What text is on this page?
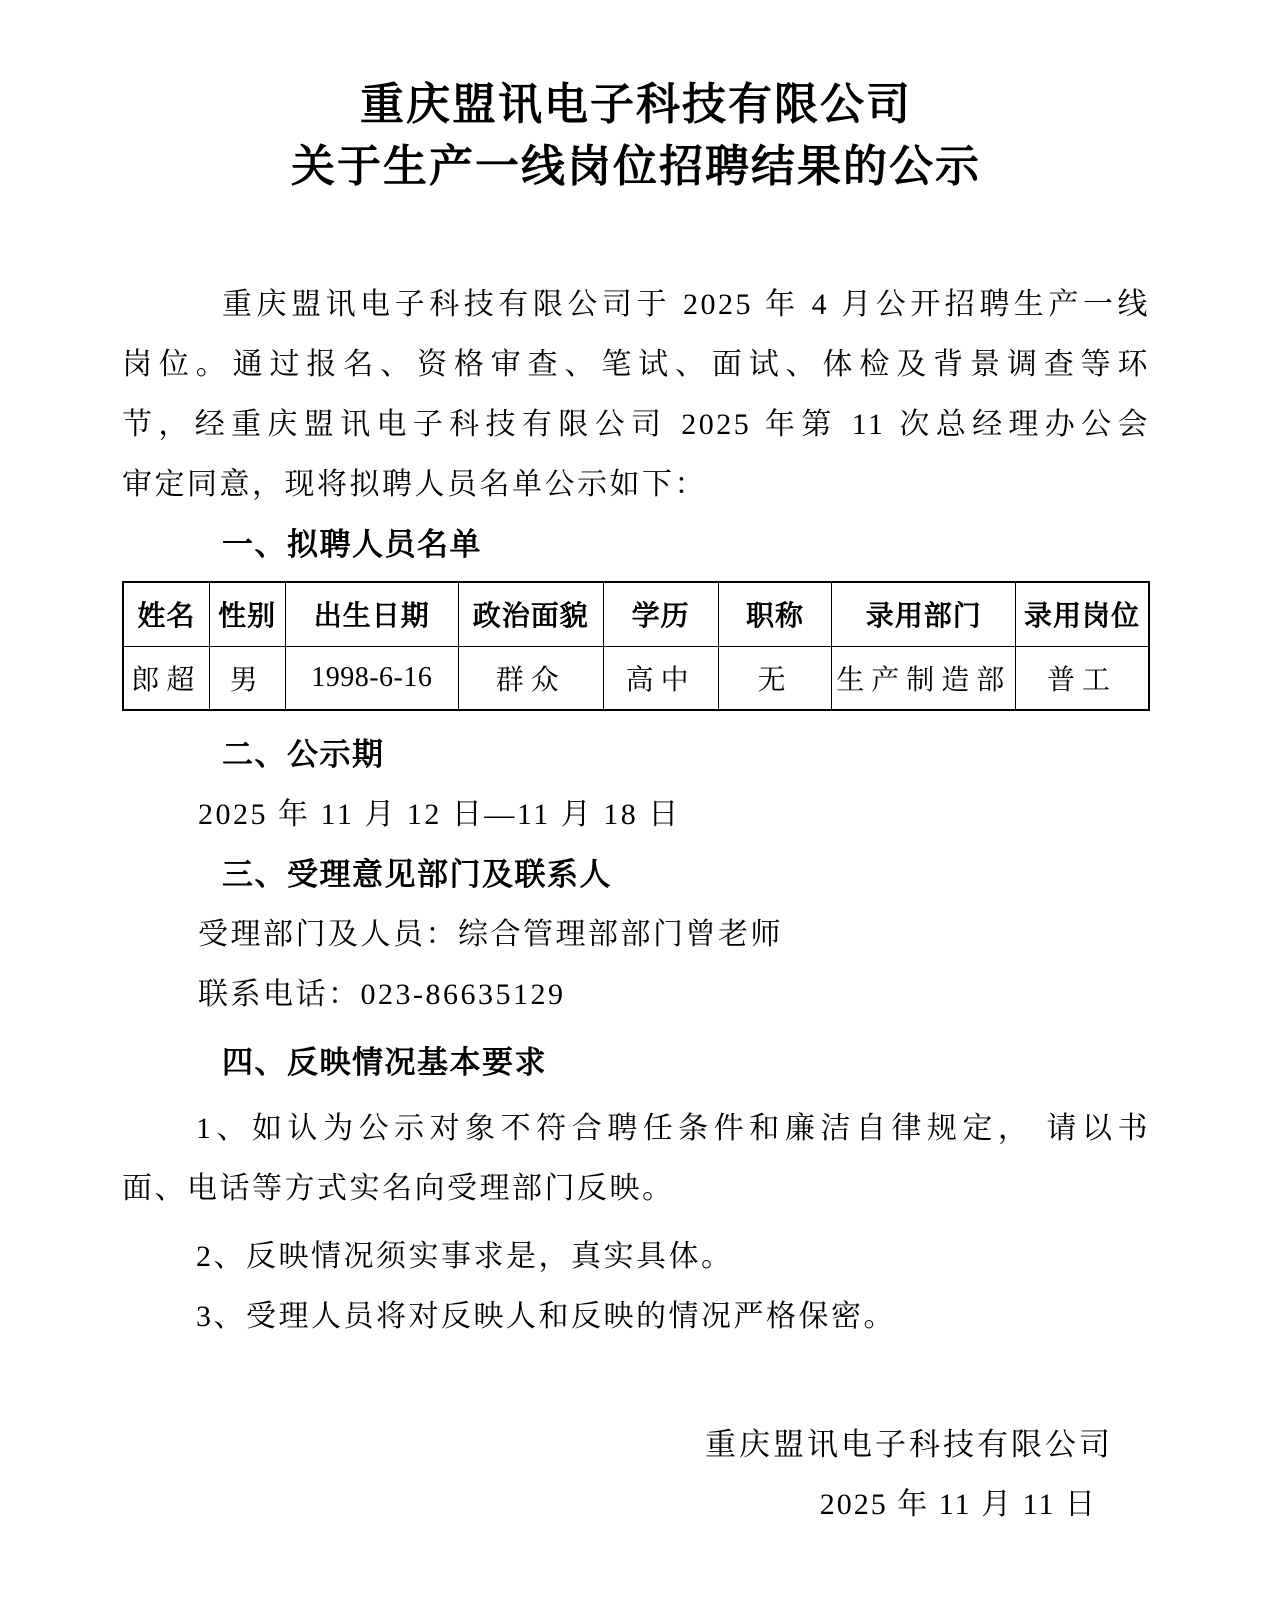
重庆盟讯电子科技有限公司
关于生产一线岗位招聘结果的公示
重庆盟讯电子科技有限公司于 2025 年 4 月公开招聘生产一线
岗位。通过报名、资格审查、笔试、面试、体检及背景调查等环
节，经重庆盟讯电子科技有限公司 2025 年第 11 次总经理办公会
审定同意，现将拟聘人员名单公示如下：
一、拟聘人员名单
姓名	性别	出生日期	政治面貌	学历	职称	录用部门	录用岗位
郎超	男	1998-6-16	群众	高中	无	生产制造部	普工
二、公示期
2025 年 11 月 12 日—11 月 18 日
三、受理意见部门及联系人
受理部门及人员：综合管理部部门曾老师
联系电话：023-86635129
四、反映情况基本要求
1、如认为公示对象不符合聘任条件和廉洁自律规定， 请以书
面、电话等方式实名向受理部门反映。
2、反映情况须实事求是，真实具体。
3、受理人员将对反映人和反映的情况严格保密。
重庆盟讯电子科技有限公司
2025 年 11 月 11 日
